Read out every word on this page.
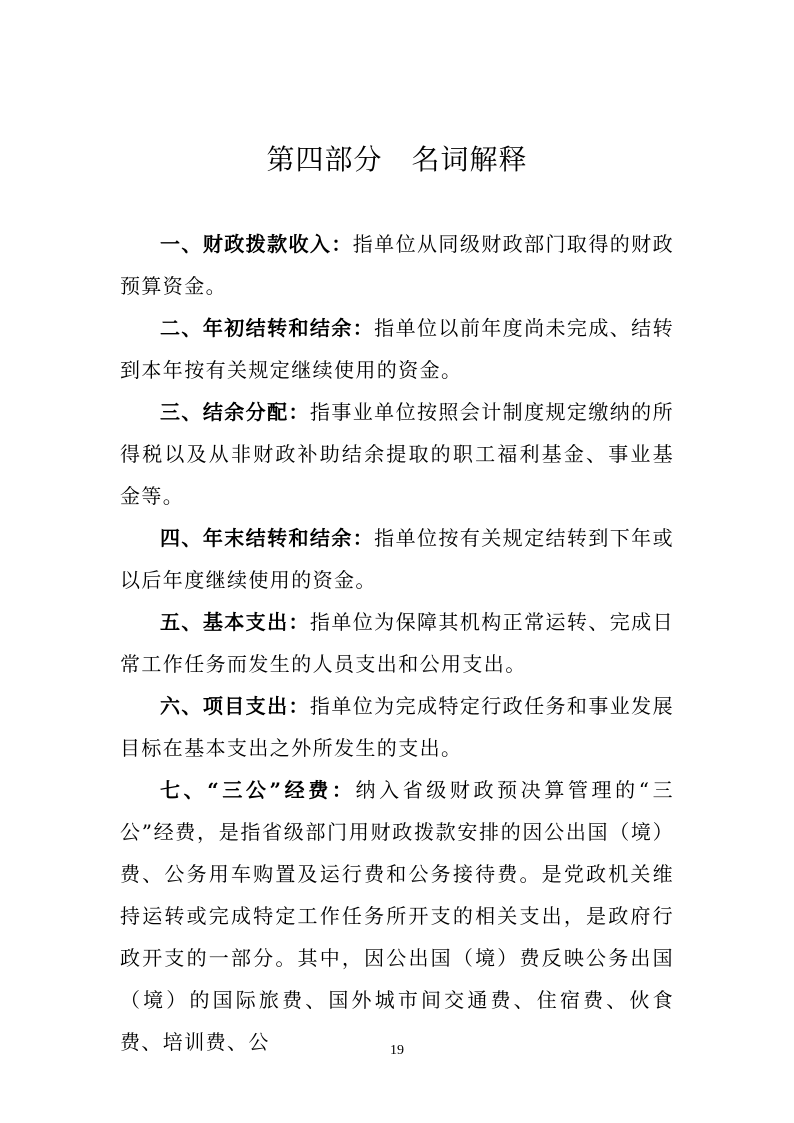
第四部分　名词解释

一、财政拨款收入：指单位从同级财政部门取得的财政预算资金。

二、年初结转和结余：指单位以前年度尚未完成、结转到本年按有关规定继续使用的资金。

三、结余分配：指事业单位按照会计制度规定缴纳的所得税以及从非财政补助结余提取的职工福利基金、事业基金等。

四、年末结转和结余：指单位按有关规定结转到下年或以后年度继续使用的资金。

五、基本支出：指单位为保障其机构正常运转、完成日常工作任务而发生的人员支出和公用支出。

六、项目支出：指单位为完成特定行政任务和事业发展目标在基本支出之外所发生的支出。

七、“三公”经费：纳入省级财政预决算管理的“三公”经费，是指省级部门用财政拨款安排的因公出国（境）费、公务用车购置及运行费和公务接待费。是党政机关维持运转或完成特定工作任务所开支的相关支出，是政府行政开支的一部分。其中，因公出国（境）费反映公务出国（境）的国际旅费、国外城市间交通费、住宿费、伙食费、培训费、公	19
